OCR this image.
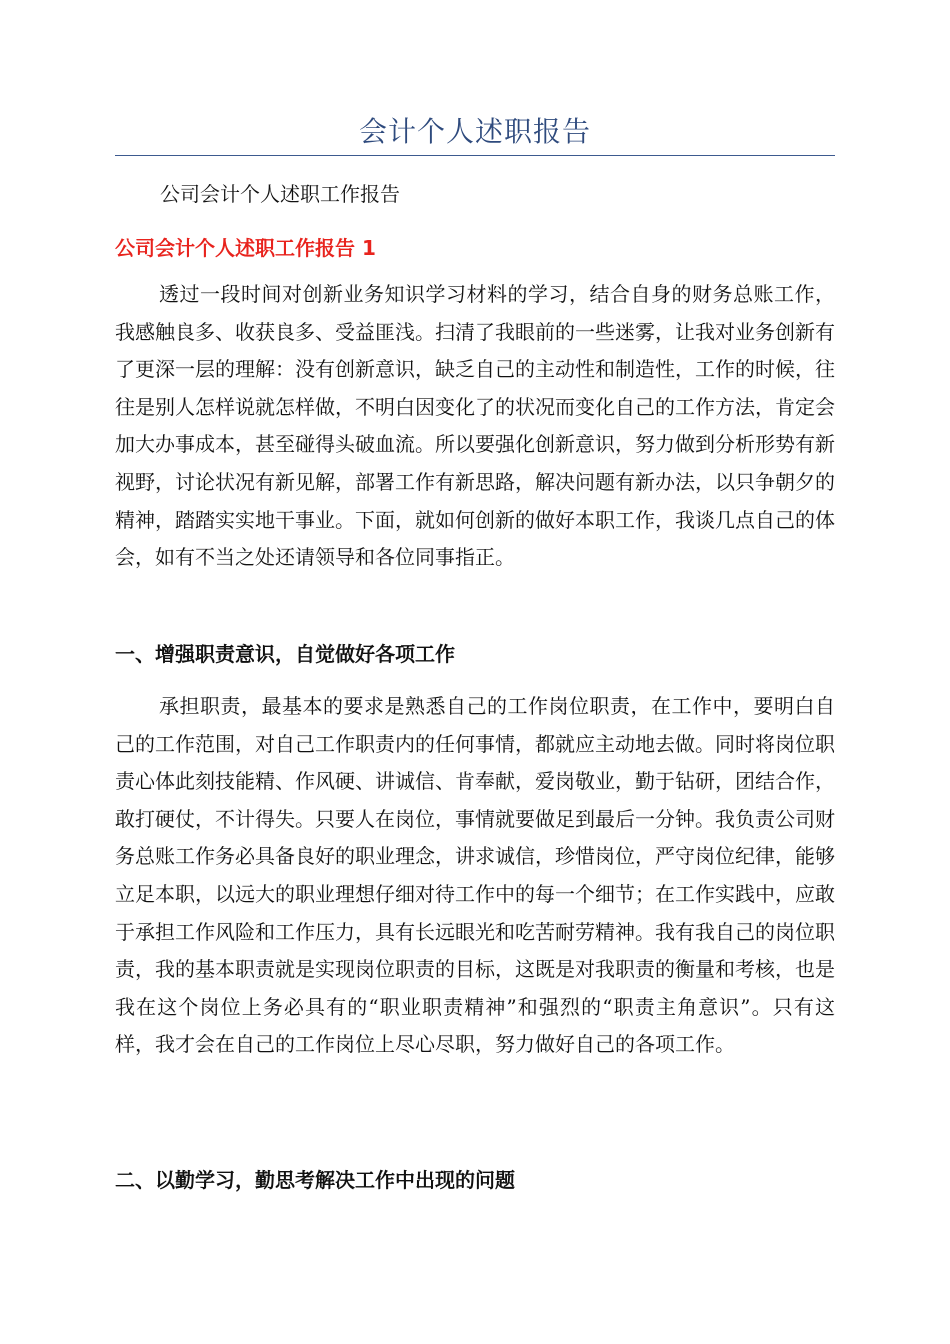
会计个人述职报告
公司会计个人述职工作报告
公司会计个人述职工作报告 1

透过一段时间对创新业务知识学习材料的学习，结合自身的财务总账工作，我感触良多、收获良多、受益匪浅。扫清了我眼前的一些迷雾，让我对业务创新有了更深一层的理解：没有创新意识，缺乏自己的主动性和制造性，工作的时候，往往是别人怎样说就怎样做，不明白因变化了的状况而变化自己的工作方法，肯定会加大办事成本，甚至碰得头破血流。所以要强化创新意识，努力做到分析形势有新视野，讨论状况有新见解，部署工作有新思路，解决问题有新办法，以只争朝夕的精神，踏踏实实地干事业。下面，就如何创新的做好本职工作，我谈几点自己的体会，如有不当之处还请领导和各位同事指正。

一、增强职责意识，自觉做好各项工作

承担职责，最基本的要求是熟悉自己的工作岗位职责，在工作中，要明白自己的工作范围，对自己工作职责内的任何事情，都就应主动地去做。同时将岗位职责心体此刻技能精、作风硬、讲诚信、肯奉献，爱岗敬业，勤于钻研，团结合作，敢打硬仗，不计得失。只要人在岗位，事情就要做足到最后一分钟。我负责公司财务总账工作务必具备良好的职业理念，讲求诚信，珍惜岗位，严守岗位纪律，能够立足本职，以远大的职业理想仔细对待工作中的每一个细节；在工作实践中，应敢于承担工作风险和工作压力，具有长远眼光和吃苦耐劳精神。我有我自己的岗位职责，我的基本职责就是实现岗位职责的目标，这既是对我职责的衡量和考核，也是我在这个岗位上务必具有的“职业职责精神”和强烈的“职责主角意识”。只有这样，我才会在自己的工作岗位上尽心尽职，努力做好自己的各项工作。

二、以勤学习，勤思考解决工作中出现的问题
